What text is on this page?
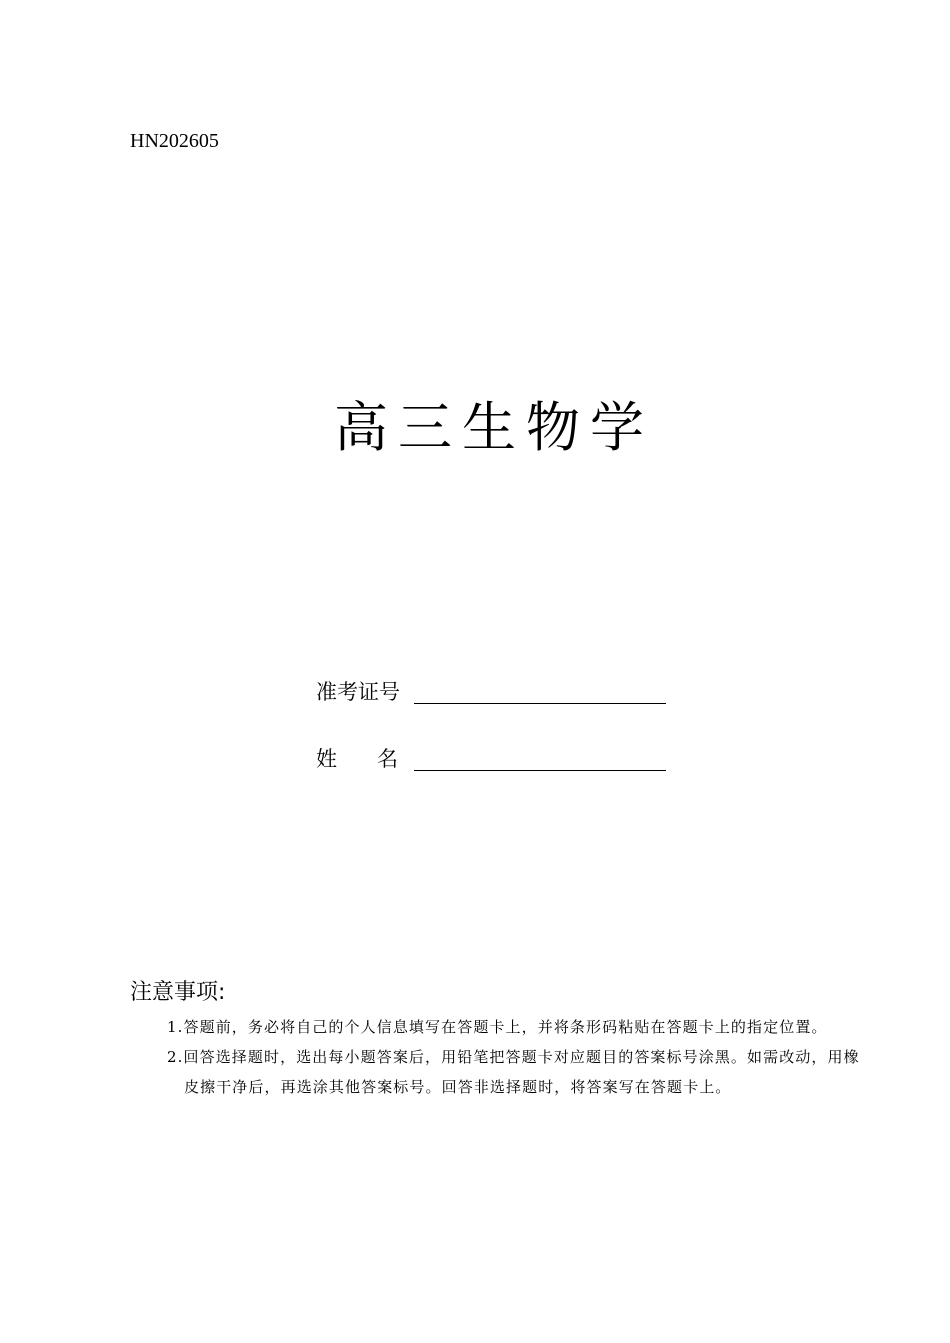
HN202605
高三生物学
准考证号
姓      名
注意事项:
1.答题前，务必将自己的个人信息填写在答题卡上，并将条形码粘贴在答题卡上的指定位置。
2.回答选择题时，选出每小题答案后，用铅笔把答题卡对应题目的答案标号涂黑。如需改动，用橡皮擦干净后，再选涂其他答案标号。回答非选择题时，将答案写在答题卡上。
